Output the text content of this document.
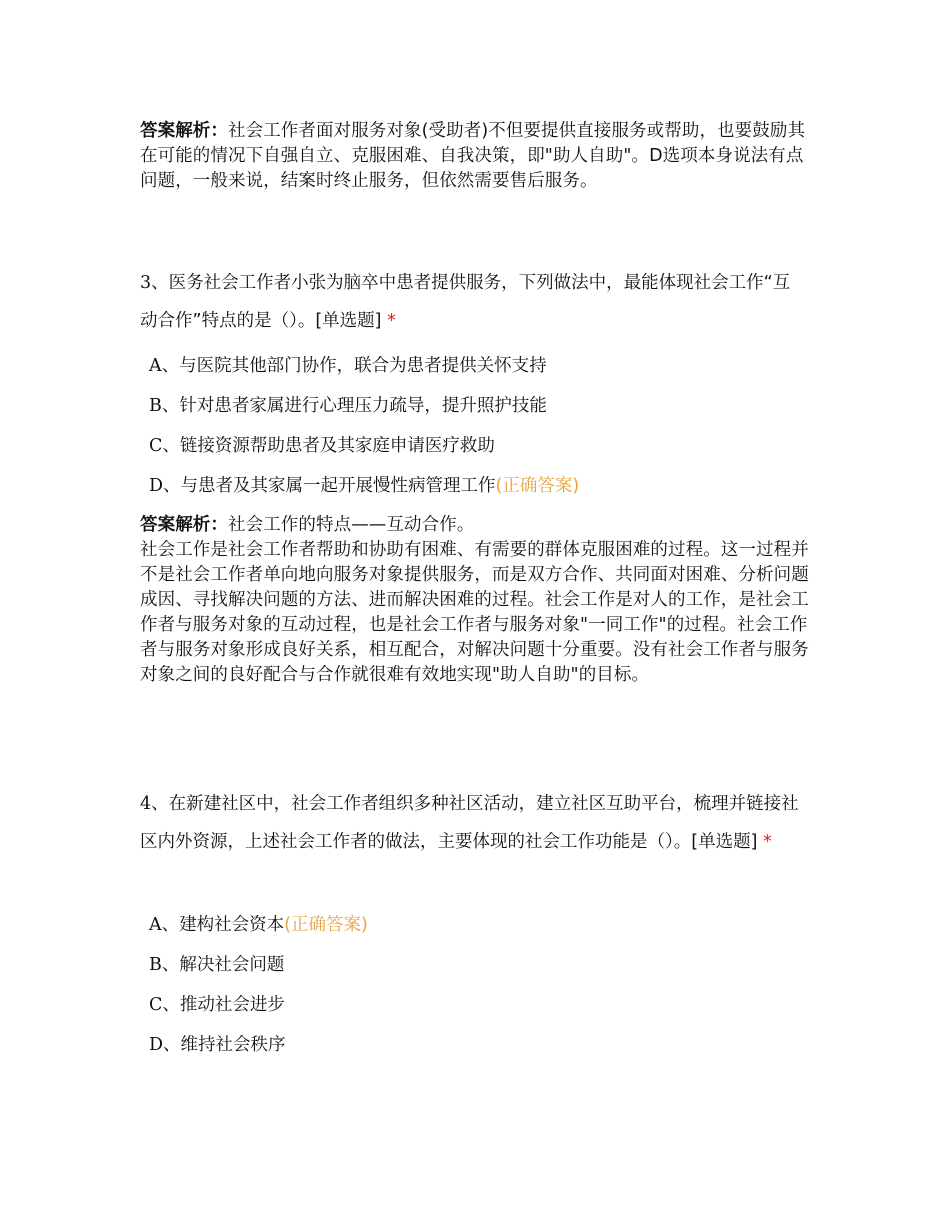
答案解析：社会工作者面对服务对象(受助者)不但要提供直接服务或帮助，也要鼓励其在可能的情况下自强自立、克服困难、自我决策，即"助人自助"。D选项本身说法有点问题，一般来说，结案时终止服务，但依然需要售后服务。

3、医务社会工作者小张为脑卒中患者提供服务，下列做法中，最能体现社会工作“互动合作”特点的是（）。[单选题] *
A、与医院其他部门协作，联合为患者提供关怀支持
B、针对患者家属进行心理压力疏导，提升照护技能
C、链接资源帮助患者及其家庭申请医疗救助
D、与患者及其家属一起开展慢性病管理工作(正确答案)

答案解析：社会工作的特点——互动合作。

社会工作是社会工作者帮助和协助有困难、有需要的群体克服困难的过程。这一过程并不是社会工作者单向地向服务对象提供服务，而是双方合作、共同面对困难、分析问题成因、寻找解决问题的方法、进而解决困难的过程。社会工作是对人的工作，是社会工作者与服务对象的互动过程，也是社会工作者与服务对象"一同工作"的过程。社会工作者与服务对象形成良好关系，相互配合，对解决问题十分重要。没有社会工作者与服务对象之间的良好配合与合作就很难有效地实现"助人自助"的目标。

4、在新建社区中，社会工作者组织多种社区活动，建立社区互助平台，梳理并链接社区内外资源，上述社会工作者的做法，主要体现的社会工作功能是（）。[单选题] *
A、建构社会资本(正确答案)
B、解决社会问题
C、推动社会进步
D、维持社会秩序
